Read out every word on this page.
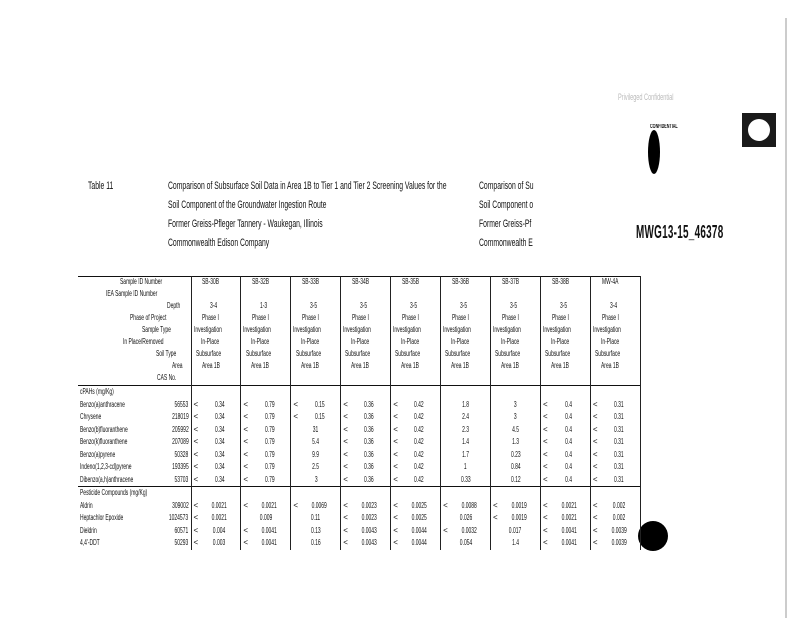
Table 11	Comparison of Subsurface Soil Data in Area 1B to Tier 1 and Tier 2 Screening Values for the
Soil Component of the Groundwater Ingestion Route
Former Greiss-Pfleger Tannery - Waukegan, Illinois
Commonwealth Edison Company
Comparison of Su
Soil Component o
Former Greiss-Pf
Commonwealth E
Privileged Confidential
CONFIDENTIAL
MWG13-15_46378
Sample ID Number	SB-30B	SB-32B	SB-33B	SB-34B	SB-35B	SB-36B	SB-37B	SB-38B	MW-4A
IEA Sample ID Number									
Depth	3-4	1-3	3-5	3-5	3-5	3-5	3-5	3-5	3-4
Phase of Project	Phase I	Phase I	Phase I	Phase I	Phase I	Phase I	Phase I	Phase I	Phase I
Sample Type	Investigation	Investigation	Investigation	Investigation	Investigation	Investigation	Investigation	Investigation	Investigation
In Place/Removed	In-Place	In-Place	In-Place	In-Place	In-Place	In-Place	In-Place	In-Place	In-Place
Soil Type	Subsurface	Subsurface	Subsurface	Subsurface	Subsurface	Subsurface	Subsurface	Subsurface	Subsurface
Area	Area 1B	Area 1B	Area 1B	Area 1B	Area 1B	Area 1B	Area 1B	Area 1B	Area 1B
CAS No.									
cPAHs (mg/Kg)									
Benzo(a)anthracene 56553	< 0.34	< 0.79	< 0.15	< 0.36	< 0.42	1.8	3	< 0.4	< 0.31
Chrysene 218019	< 0.34	< 0.79	< 0.15	< 0.36	< 0.42	2.4	3	< 0.4	< 0.31
Benzo(b)fluoranthene 205992	< 0.34	< 0.79	31	< 0.36	< 0.42	2.3	4.5	< 0.4	< 0.31
Benzo(k)fluoranthene 207089	< 0.34	< 0.79	5.4	< 0.36	< 0.42	1.4	1.3	< 0.4	< 0.31
Benzo(a)pyrene 50328	< 0.34	< 0.79	9.9	< 0.36	< 0.42	1.7	0.23	< 0.4	< 0.31
Indeno(1,2,3-cd)pyrene 193395	< 0.34	< 0.79	2.5	< 0.36	< 0.42	1	0.84	< 0.4	< 0.31
Dibenzo(a,h)anthracene 53703	< 0.34	< 0.79	3	< 0.36	< 0.42	0.33	0.12	< 0.4	< 0.31
Pesticide Compounds (mg/Kg)									
Aldrin 309002	< 0.0021	< 0.0021	< 0.0069	< 0.0023	< 0.0025	< 0.0088	< 0.0019	< 0.0021	< 0.002
Heptachlor Epoxide 1024573	< 0.0021	0.009	0.11	< 0.0023	< 0.0025	0.026	< 0.0019	< 0.0021	< 0.002
Dieldrin 60571	< 0.004	< 0.0041	0.13	< 0.0043	< 0.0044	< 0.0032	0.017	< 0.0041	< 0.0039
4,4'-DDT 50293	< 0.003	< 0.0041	0.16	< 0.0043	< 0.0044	0.054	1.4	< 0.0041	< 0.0039
